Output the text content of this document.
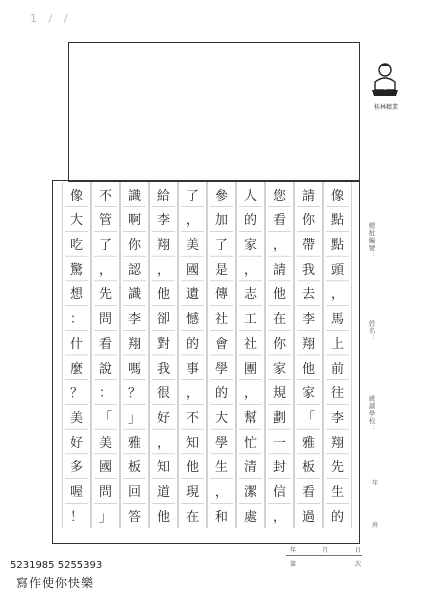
1 / /
桂林精業
總批編號：
姓名：
就讀學校：
年
班
像
大
吃
驚
想
：
什
麼
？
美
好
多
喔
！
不
管
了
，
先
問
看
說
：
「
美
國
問
」
識
啊
你
認
識
李
翔
嗎
？
」
雅
板
回
答
給
李
翔
，
他
卻
對
我
很
好
，
知
道
他
了
，
美
國
遺
憾
的
事
，
不
知
他
現
在
參
加
了
是
傳
社
會
學
的
大
學
生
，
和
人
的
家
，
志
工
社
團
，
幫
忙
清
潔
處
您
看
，
請
他
在
你
家
規
劃
一
封
信
，
請
你
帶
我
去
李
翔
他
家
「
雅
板
看
過
像
點
點
頭
，
馬
上
前
往
李
翔
先
生
的
年	月	日
第	次
5231985 5255393
寫作使你快樂
